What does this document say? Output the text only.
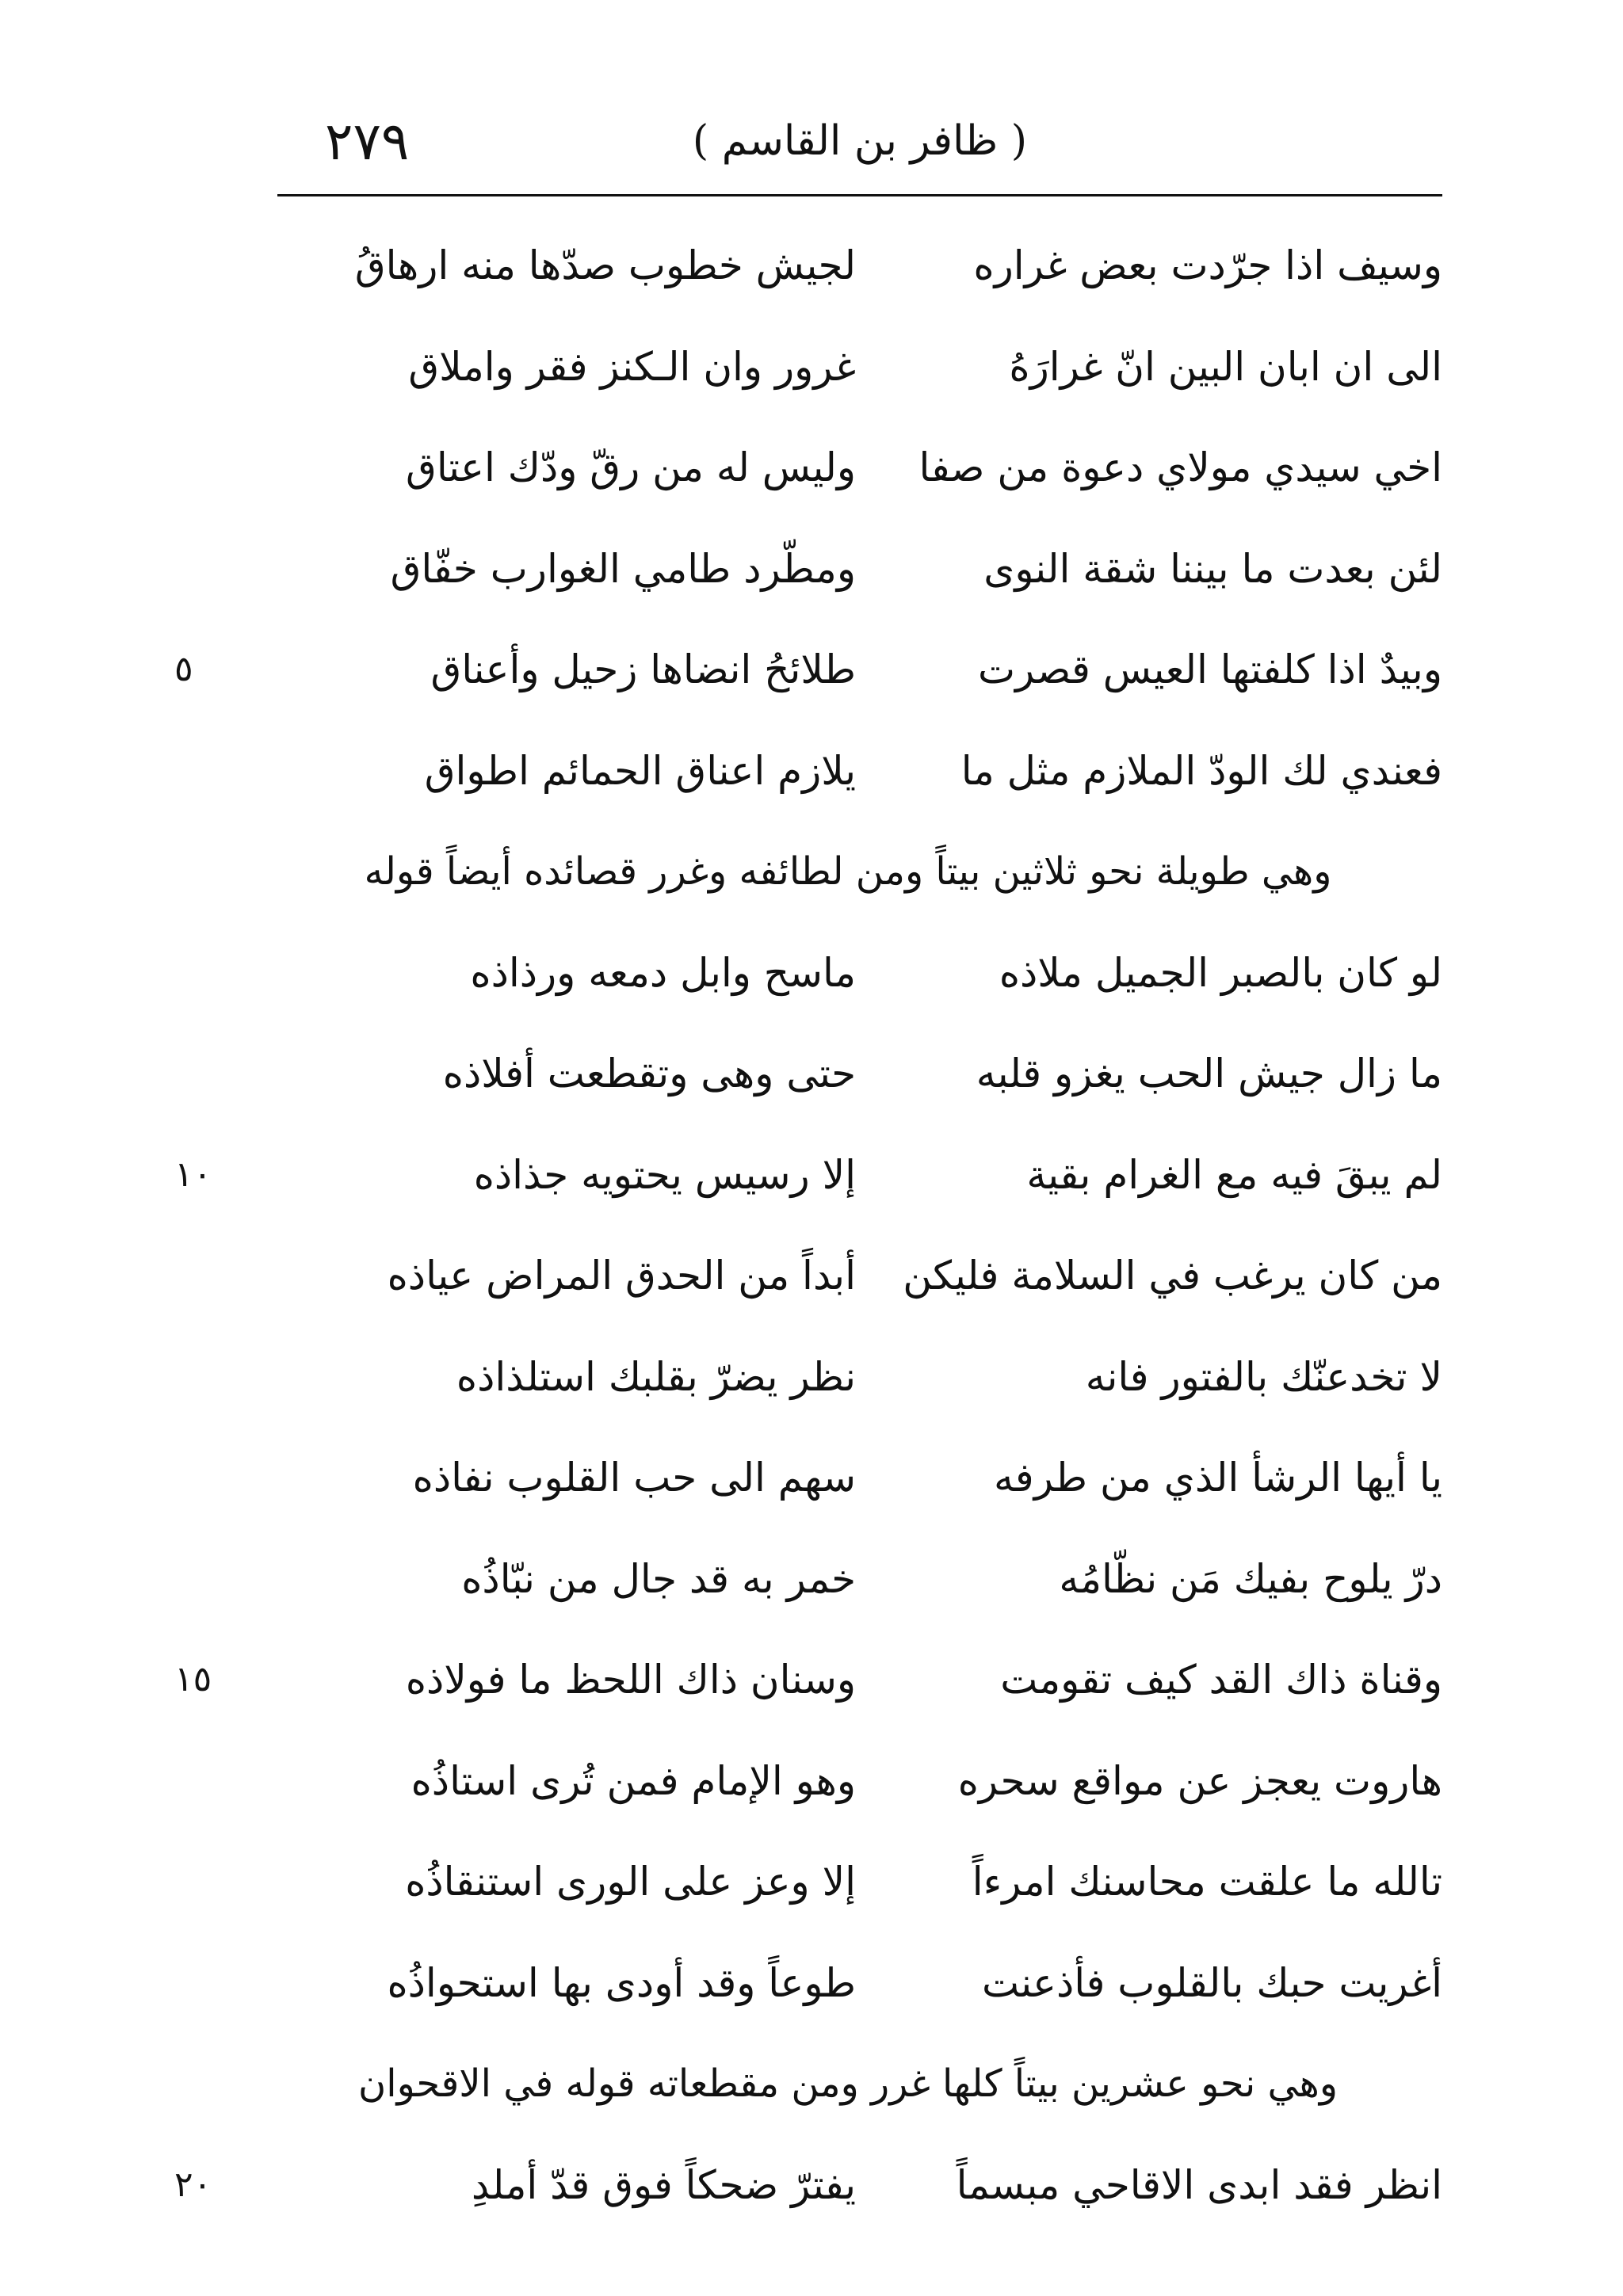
٢٧٩	( ظافر بن القاسم )
وسيف اذا جرّدت بعض غراره
لجيش خطوب صدّها منه ارهاقُ
الى ان ابان البين انّ غرارَهُ
غرور وان الـكنز فقر واملاق
اخي سيدي مولاي دعوة من صفا
وليس له من رقّ ودّك اعتاق
لئن بعدت ما بيننا شقة النوى
ومطّرد طامي الغوارب خفّاق
وبيدٌ اذا كلفتها العيس قصرت
طلائحُ انضاها زحيل وأعناق
٥
فعندي لك الودّ الملازم مثل ما
يلازم اعناق الحمائم اطواق
وهي طويلة نحو ثلاثين بيتاً ومن لطائفه وغرر قصائده أيضاً قوله
لو كان بالصبر الجميل ملاذه
ماسح وابل دمعه ورذاذه
ما زال جيش الحب يغزو قلبه
حتى وهى وتقطعت أفلاذه
لم يبقَ فيه مع الغرام بقية
إلا رسيس يحتويه جذاذه
١٠
من كان يرغب في السلامة فليكن
أبداً من الحدق المراض عياذه
لا تخدعنّك بالفتور فانه
نظر يضرّ بقلبك استلذاذه
يا أيها الرشأ الذي من طرفه
سهم الى حب القلوب نفاذه
درّ يلوح بفيك مَن نظّامُه
خمر به قد جال من نبّاذُه
وقناة ذاك القد كيف تقومت
وسنان ذاك اللحظ ما فولاذه
١٥
هاروت يعجز عن مواقع سحره
وهو الإمام فمن تُرى استاذُه
تالله ما علقت محاسنك امرءاً
إلا وعز على الورى استنقاذُه
أغريت حبك بالقلوب فأذعنت
طوعاً وقد أودى بها استحواذُه
وهي نحو عشرين بيتاً كلها غرر ومن مقطعاته قوله في الاقحوان
انظر فقد ابدى الاقاحي مبسماً
يفترّ ضحكاً فوق قدّ أملدِ
٢٠
